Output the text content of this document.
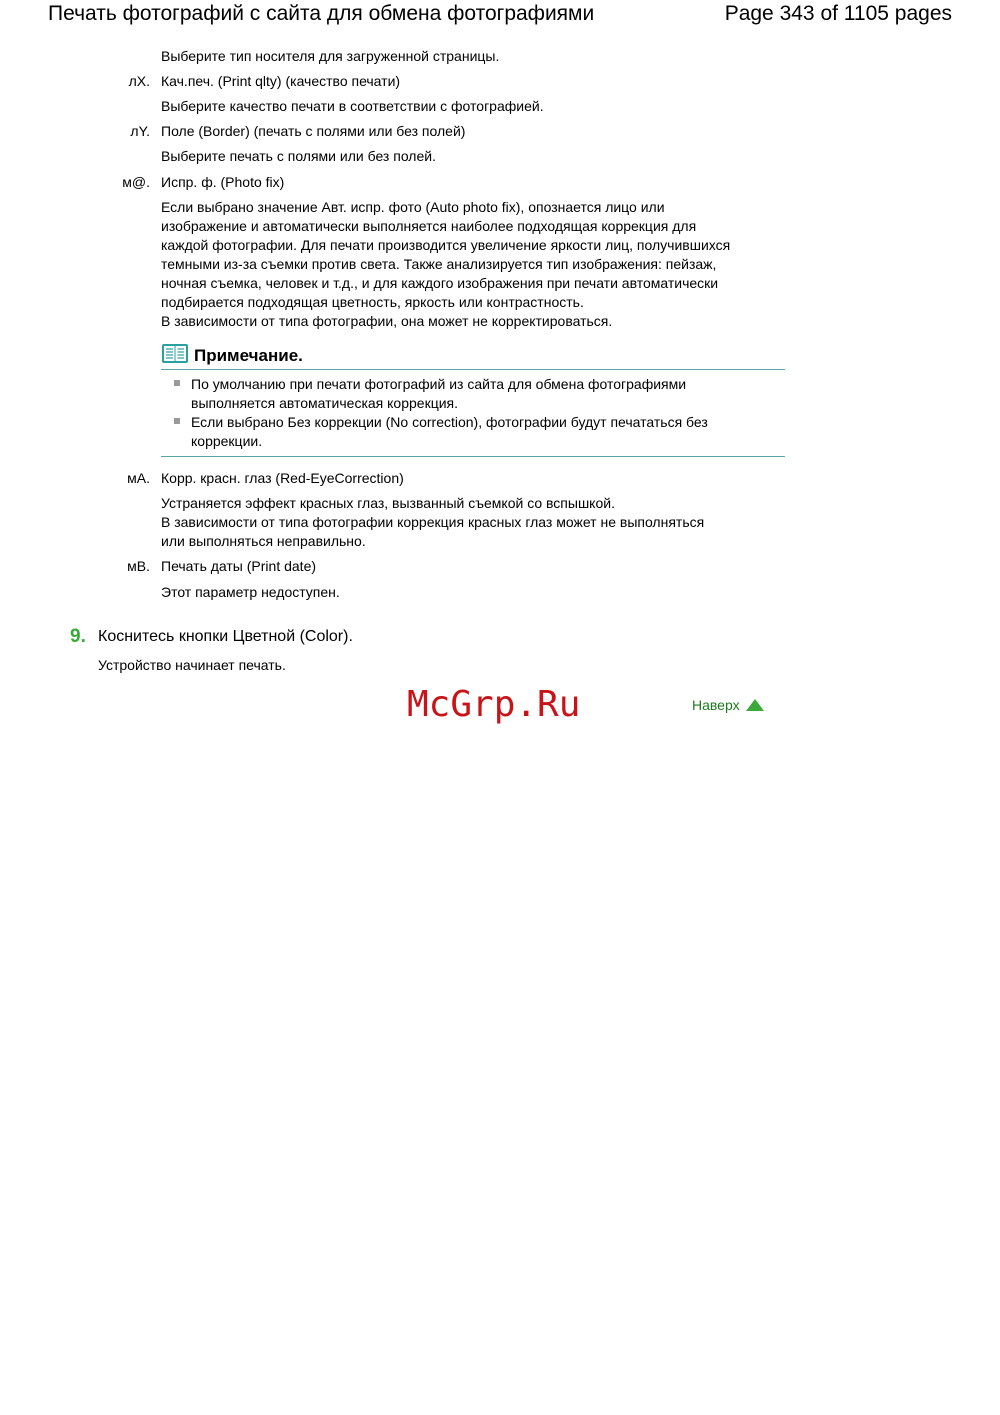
Печать фотографий с сайта для обмена фотографиями	Page 343 of 1105 pages
Выберите тип носителя для загруженной страницы.
лX. Кач.печ. (Print qlty) (качество печати)
Выберите качество печати в соответствии с фотографией.
лY. Поле (Border) (печать с полями или без полей)
Выберите печать с полями или без полей.
м@. Испр. ф. (Photo fix)
Если выбрано значение Авт. испр. фото (Auto photo fix), опознается лицо или
изображение и автоматически выполняется наиболее подходящая коррекция для
каждой фотографии. Для печати производится увеличение яркости лиц, получившихся
темными из-за съемки против света. Также анализируется тип изображения: пейзаж,
ночная съемка, человек и т.д., и для каждого изображения при печати автоматически
подбирается подходящая цветность, яркость или контрастность.
В зависимости от типа фотографии, она может не корректироваться.
Примечание.
По умолчанию при печати фотографий из сайта для обмена фотографиями
выполняется автоматическая коррекция.
Если выбрано Без коррекции (No correction), фотографии будут печататься без
коррекции.
мA. Корр. красн. глаз (Red-EyeCorrection)
Устраняется эффект красных глаз, вызванный съемкой со вспышкой.
В зависимости от типа фотографии коррекция красных глаз может не выполняться
или выполняться неправильно.
мB. Печать даты (Print date)
Этот параметр недоступен.
9. Коснитесь кнопки Цветной (Color).
Устройство начинает печать.
McGrp.Ru	Наверх
